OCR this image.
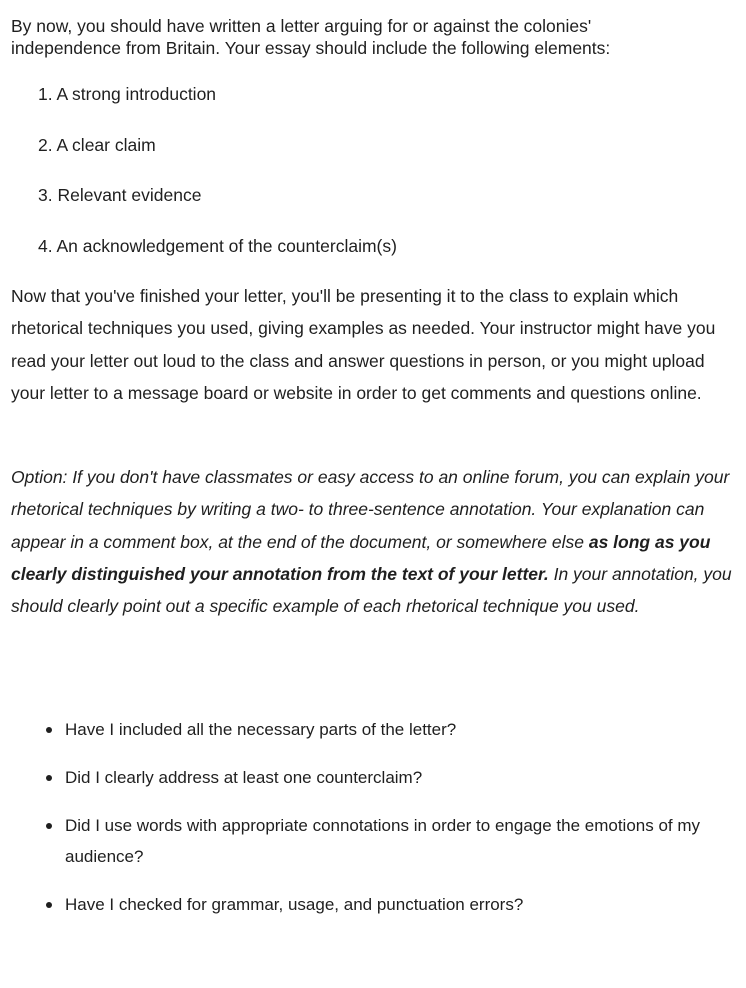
By now, you should have written a letter arguing for or against the colonies'
independence from Britain. Your essay should include the following elements:

1. A strong introduction
2. A clear claim
3. Relevant evidence
4. An acknowledgement of the counterclaim(s)

Now that you've finished your letter, you'll be presenting it to the class to explain which rhetorical techniques you used, giving examples as needed. Your instructor might have you read your letter out loud to the class and answer questions in person, or you might upload your letter to a message board or website in order to get comments and questions online.

Option: If you don't have classmates or easy access to an online forum, you can explain your rhetorical techniques by writing a two- to three-sentence annotation. Your explanation can appear in a comment box, at the end of the document, or somewhere else as long as you clearly distinguished your annotation from the text of your letter. In your annotation, you should clearly point out a specific example of each rhetorical technique you used.

Have I included all the necessary parts of the letter?
Did I clearly address at least one counterclaim?
Did I use words with appropriate connotations in order to engage the emotions of my audience?
Have I checked for grammar, usage, and punctuation errors?
